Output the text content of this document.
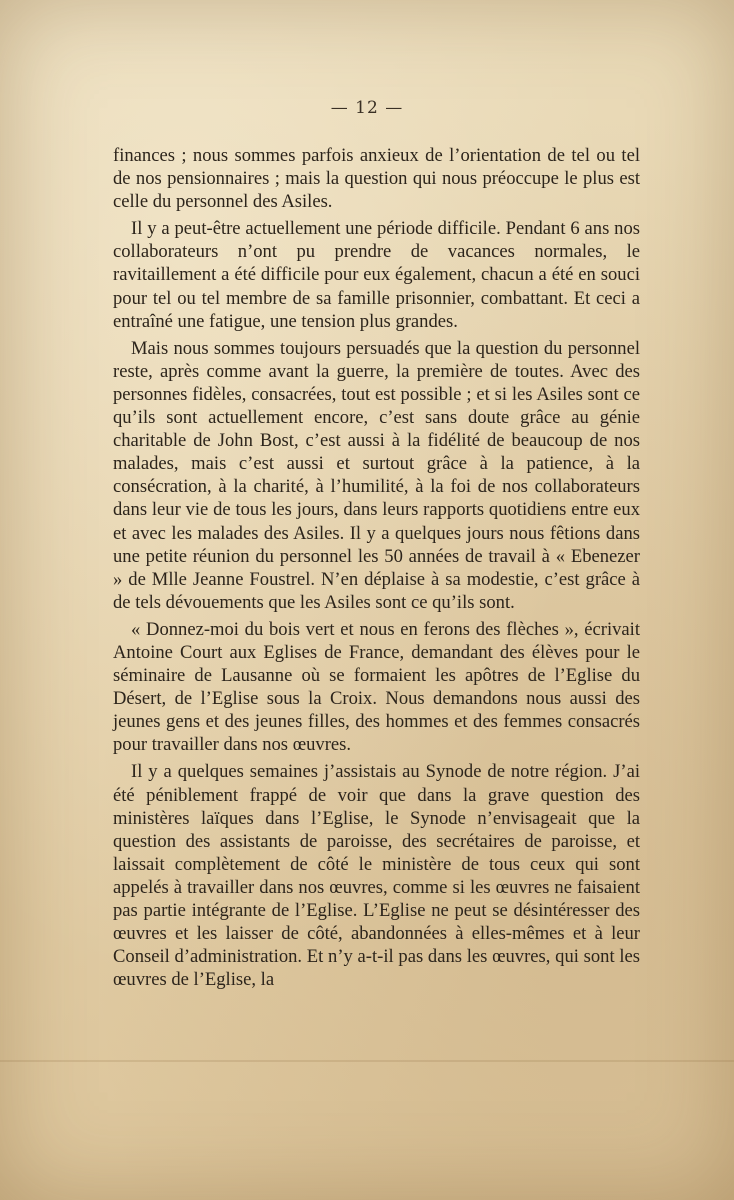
— 12 —

finances ; nous sommes parfois anxieux de l’orientation de tel ou tel de nos pensionnaires ; mais la question qui nous préoccupe le plus est celle du personnel des Asiles.

Il y a peut-être actuellement une période difficile. Pendant 6 ans nos collaborateurs n’ont pu prendre de vacances normales, le ravitaillement a été difficile pour eux également, chacun a été en souci pour tel ou tel membre de sa famille prisonnier, combattant. Et ceci a entraîné une fatigue, une tension plus grandes.

Mais nous sommes toujours persuadés que la question du personnel reste, après comme avant la guerre, la première de toutes. Avec des personnes fidèles, consacrées, tout est possible ; et si les Asiles sont ce qu’ils sont actuellement encore, c’est sans doute grâce au génie charitable de John Bost, c’est aussi à la fidélité de beaucoup de nos malades, mais c’est aussi et surtout grâce à la patience, à la consécration, à la charité, à l’humilité, à la foi de nos collaborateurs dans leur vie de tous les jours, dans leurs rapports quotidiens entre eux et avec les malades des Asiles. Il y a quelques jours nous fêtions dans une petite réunion du personnel les 50 années de travail à « Ebenezer » de Mlle Jeanne Foustrel. N’en déplaise à sa modestie, c’est grâce à de tels dévouements que les Asiles sont ce qu’ils sont.

« Donnez-moi du bois vert et nous en ferons des flèches », écrivait Antoine Court aux Eglises de France, demandant des élèves pour le séminaire de Lausanne où se formaient les apôtres de l’Eglise du Désert, de l’Eglise sous la Croix. Nous demandons nous aussi des jeunes gens et des jeunes filles, des hommes et des femmes consacrés pour travailler dans nos œuvres.

Il y a quelques semaines j’assistais au Synode de notre région. J’ai été péniblement frappé de voir que dans la grave question des ministères laïques dans l’Eglise, le Synode n’envisageait que la question des assistants de paroisse, des secrétaires de paroisse, et laissait complètement de côté le ministère de tous ceux qui sont appelés à travailler dans nos œuvres, comme si les œuvres ne faisaient pas partie intégrante de l’Eglise. L’Eglise ne peut se désintéresser des œuvres et les laisser de côté, abandonnées à elles-mêmes et à leur Conseil d’administration. Et n’y a-t-il pas dans les œuvres, qui sont les œuvres de l’Eglise, la
